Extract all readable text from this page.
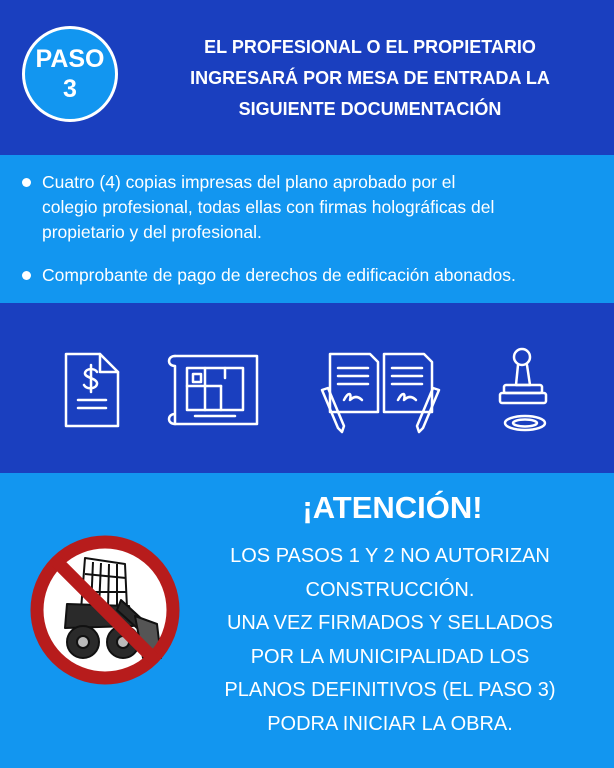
PASO
3
EL PROFESIONAL O EL PROPIETARIO
INGRESARÁ POR MESA DE ENTRADA LA
SIGUIENTE DOCUMENTACIÓN
Cuatro (4) copias impresas del plano aprobado por el
colegio profesional, todas ellas con firmas holográficas del
propietario y del profesional.
Comprobante de pago de derechos de edificación abonados.
¡ATENCIÓN!
LOS PASOS 1 Y 2 NO AUTORIZAN
CONSTRUCCIÓN.
UNA VEZ FIRMADOS Y SELLADOS
POR LA MUNICIPALIDAD LOS
PLANOS DEFINITIVOS (EL PASO 3)
PODRA INICIAR LA OBRA.
